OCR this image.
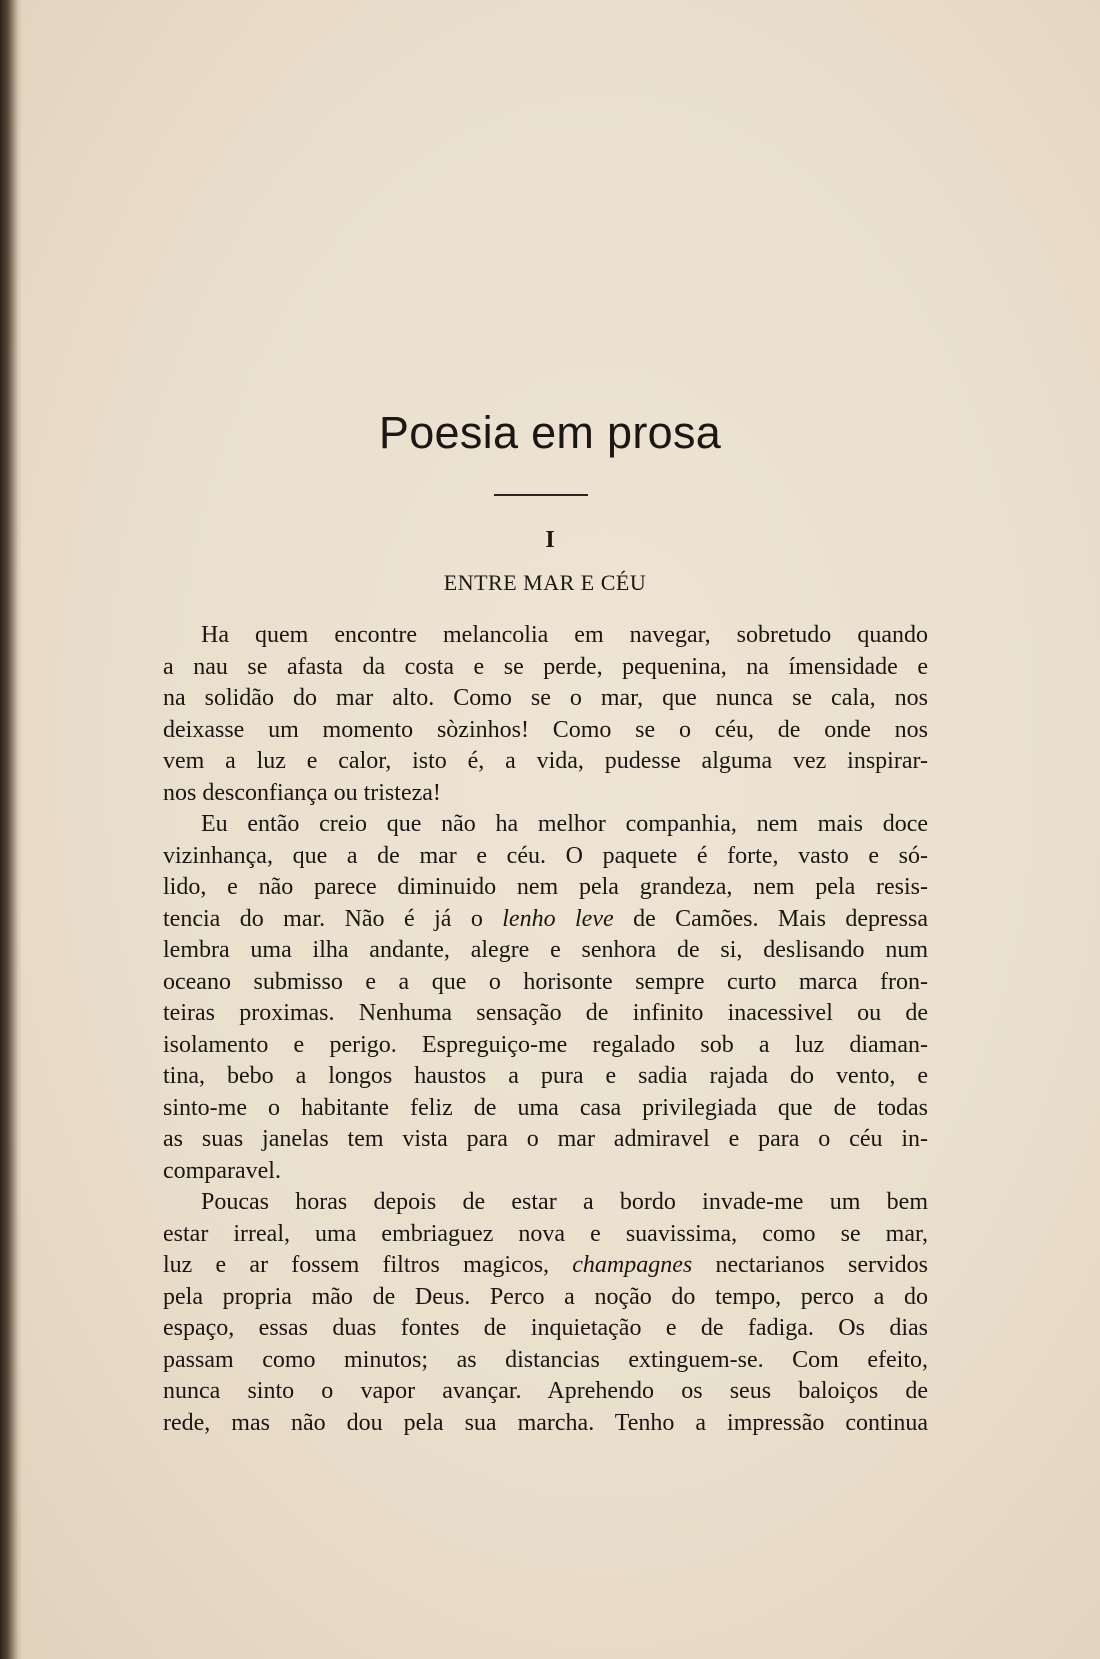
Poesia em prosa
I
ENTRE MAR E CÉU
Ha quem encontre melancolia em navegar, sobretudo quando
a nau se afasta da costa e se perde, pequenina, na ímensidade e
na solidão do mar alto. Como se o mar, que nunca se cala, nos
deixasse um momento sòzinhos! Como se o céu, de onde nos
vem a luz e calor, isto é, a vida, pudesse alguma vez inspirar-
nos desconfiança ou tristeza!
Eu então creio que não ha melhor companhia, nem mais doce
vizinhança, que a de mar e céu. O paquete é forte, vasto e só-
lido, e não parece diminuido nem pela grandeza, nem pela resis-
tencia do mar. Não é já o lenho leve de Camões. Mais depressa
lembra uma ilha andante, alegre e senhora de si, deslisando num
oceano submisso e a que o horisonte sempre curto marca fron-
teiras proximas. Nenhuma sensação de infinito inacessivel ou de
isolamento e perigo. Espreguiço-me regalado sob a luz diaman-
tina, bebo a longos haustos a pura e sadia rajada do vento, e
sinto-me o habitante feliz de uma casa privilegiada que de todas
as suas janelas tem vista para o mar admiravel e para o céu in-
comparavel.
Poucas horas depois de estar a bordo invade-me um bem
estar irreal, uma embriaguez nova e suavissima, como se mar,
luz e ar fossem filtros magicos, champagnes nectarianos servidos
pela propria mão de Deus. Perco a noção do tempo, perco a do
espaço, essas duas fontes de inquietação e de fadiga. Os dias
passam como minutos; as distancias extinguem-se. Com efeito,
nunca sinto o vapor avançar. Aprehendo os seus baloiços de
rede, mas não dou pela sua marcha. Tenho a impressão continua
